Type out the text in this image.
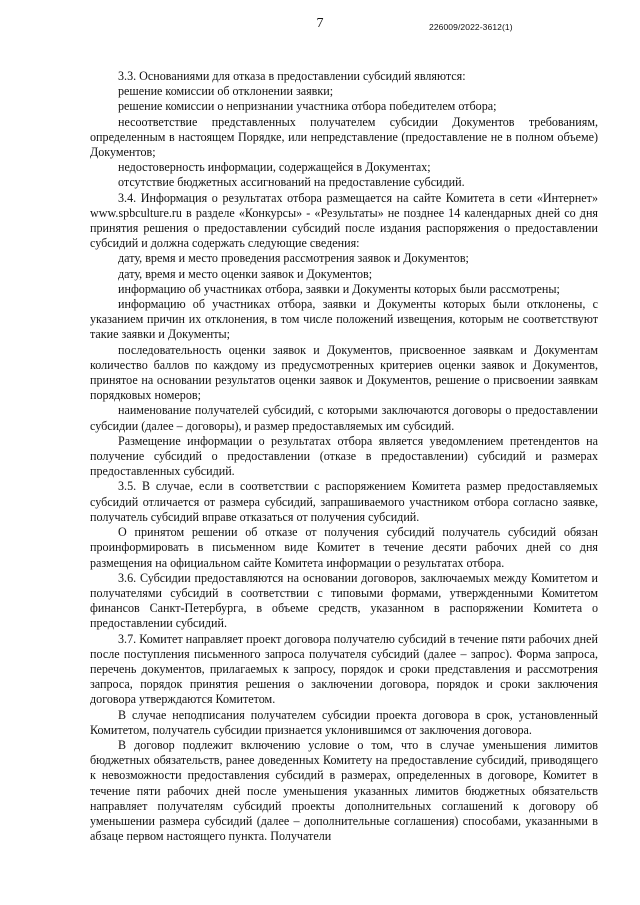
7	226009/2022-3612(1)

3.3. Основаниями для отказа в предоставлении субсидий являются:

решение комиссии об отклонении заявки;

решение комиссии о непризнании участника отбора победителем отбора;

несоответствие представленных получателем субсидии Документов требованиям, определенным в настоящем Порядке, или непредставление (предоставление не в полном объеме) Документов;

недостоверность информации, содержащейся в Документах;

отсутствие бюджетных ассигнований на предоставление субсидий.

3.4. Информация о результатах отбора размещается на сайте Комитета в сети «Интернет» www.spbculture.ru в разделе «Конкурсы» - «Результаты» не позднее 14 календарных дней со дня принятия решения о предоставлении субсидий после издания распоряжения о предоставлении субсидий и должна содержать следующие сведения:

дату, время и место проведения рассмотрения заявок и Документов;

дату, время и место оценки заявок и Документов;

информацию об участниках отбора, заявки и Документы которых были рассмотрены;

информацию об участниках отбора, заявки и Документы которых были отклонены, с указанием причин их отклонения, в том числе положений извещения, которым не соответствуют такие заявки и Документы;

последовательность оценки заявок и Документов, присвоенное заявкам и Документам количество баллов по каждому из предусмотренных критериев оценки заявок и Документов, принятое на основании результатов оценки заявок и Документов, решение о присвоении заявкам порядковых номеров;

наименование получателей субсидий, с которыми заключаются договоры о предоставлении субсидии (далее – договоры), и размер предоставляемых им субсидий.

Размещение информации о результатах отбора является уведомлением претендентов на получение субсидий о предоставлении (отказе в предоставлении) субсидий и размерах предоставленных субсидий.

3.5. В случае, если в соответствии с распоряжением Комитета размер предоставляемых субсидий отличается от размера субсидий, запрашиваемого участником отбора согласно заявке, получатель субсидий вправе отказаться от получения субсидий.

О принятом решении об отказе от получения субсидий получатель субсидий обязан проинформировать в письменном виде Комитет в течение десяти рабочих дней со дня размещения на официальном сайте Комитета информации о результатах отбора.

3.6. Субсидии предоставляются на основании договоров, заключаемых между Комитетом и получателями субсидий в соответствии с типовыми формами, утвержденными Комитетом финансов Санкт-Петербурга, в объеме средств, указанном в распоряжении Комитета о предоставлении субсидий.

3.7. Комитет направляет проект договора получателю субсидий в течение пяти рабочих дней после поступления письменного запроса получателя субсидий (далее – запрос). Форма запроса, перечень документов, прилагаемых к запросу, порядок и сроки представления и рассмотрения запроса, порядок принятия решения о заключении договора, порядок и сроки заключения договора утверждаются Комитетом.

В случае неподписания получателем субсидии проекта договора в срок, установленный Комитетом, получатель субсидии признается уклонившимся от заключения договора.

В договор подлежит включению условие о том, что в случае уменьшения лимитов бюджетных обязательств, ранее доведенных Комитету на предоставление субсидий, приводящего к невозможности предоставления субсидий в размерах, определенных в договоре, Комитет в течение пяти рабочих дней после уменьшения указанных лимитов бюджетных обязательств направляет получателям субсидий проекты дополнительных соглашений к договору об уменьшении размера субсидий (далее – дополнительные соглашения) способами, указанными в абзаце первом настоящего пункта. Получатели
